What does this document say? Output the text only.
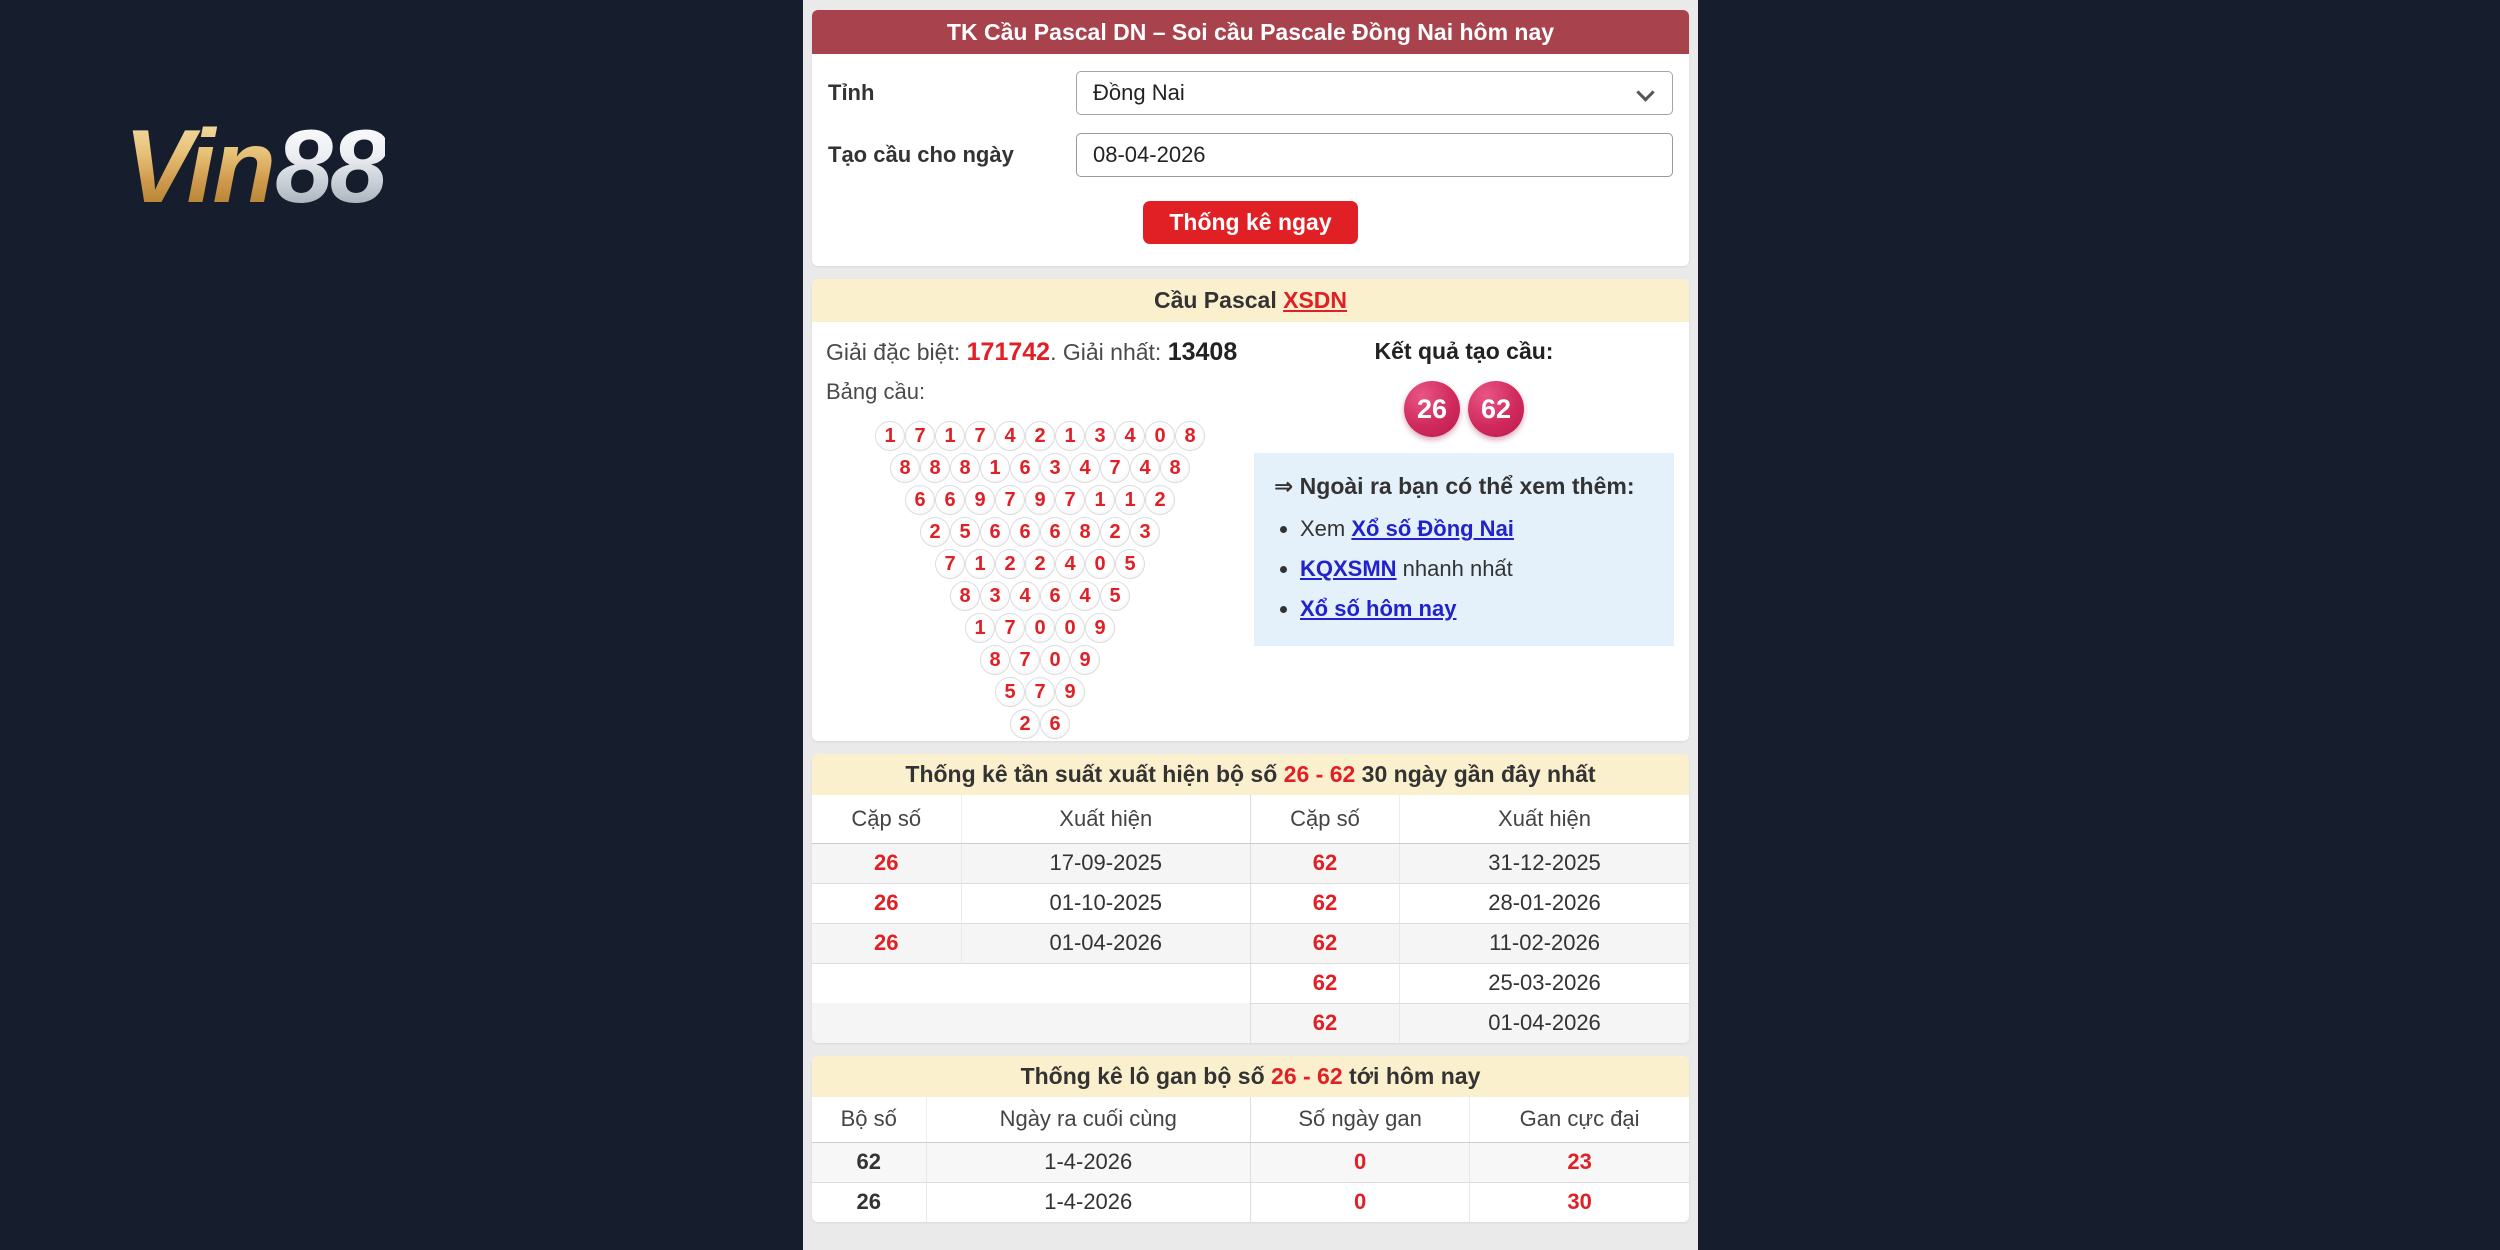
Vin88
TK Cầu Pascal DN – Soi cầu Pascale Đồng Nai hôm nay
Tỉnh	Đồng Nai
Tạo cầu cho ngày
08-04-2026
Thống kê ngay
Cầu Pascal XSDN
Giải đặc biệt: 171742. Giải nhất: 13408
Bảng cầu:
1 7 1 7 4 2 1 3 4 0 8
8 8 8 1 6 3 4 7 4 8
6 6 9 7 9 7 1 1 2
2 5 6 6 6 8 2 3
7 1 2 2 4 0 5
8 3 4 6 4 5
1 7 0 0 9
8 7 0 9
5 7 9
2 6
Kết quả tạo cầu:
26	62
⇒ Ngoài ra bạn có thể xem thêm:
• Xem Xổ số Đồng Nai
• KQXSMN nhanh nhất
• Xổ số hôm nay
Thống kê tần suất xuất hiện bộ số 26 - 62 30 ngày gần đây nhất
Cặp số	Xuất hiện	Cặp số	Xuất hiện
26	17-09-2025	62	31-12-2025
26	01-10-2025	62	28-01-2026
26	01-04-2026	62	11-02-2026
		62	25-03-2026
		62	01-04-2026
Thống kê lô gan bộ số 26 - 62 tới hôm nay
Bộ số	Ngày ra cuối cùng	Số ngày gan	Gan cực đại
62	1-4-2026	0	23
26	1-4-2026	0	30
